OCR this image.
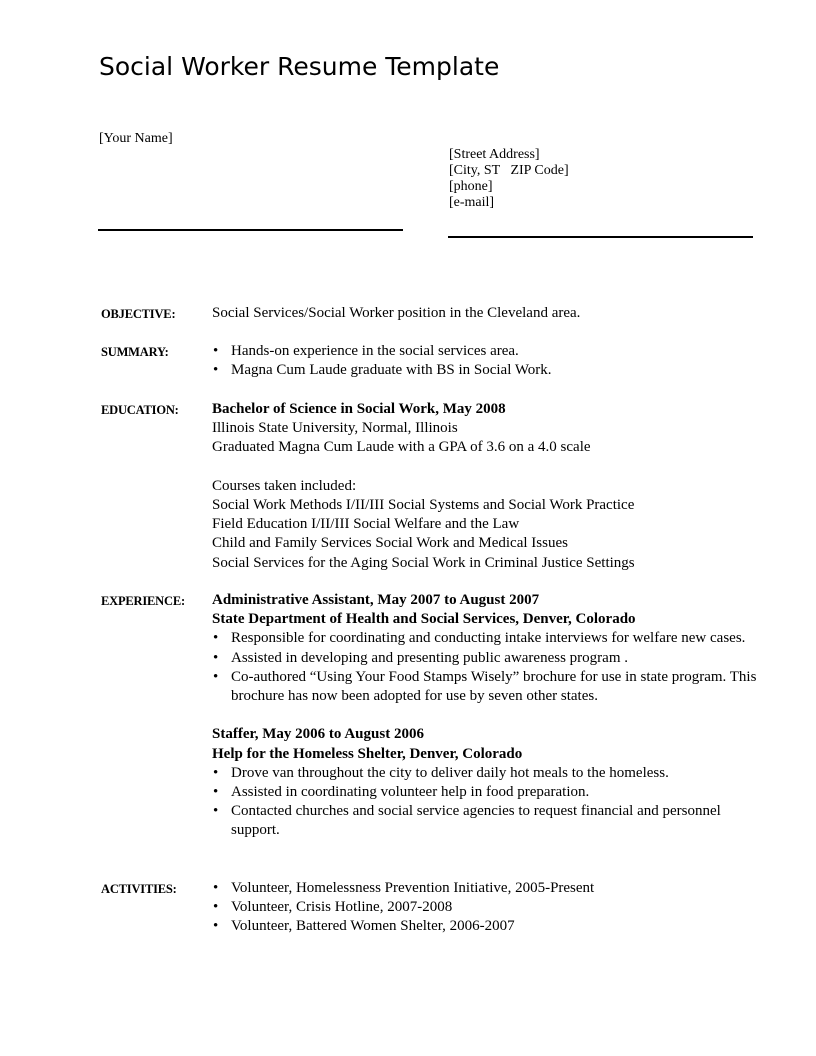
Social Worker Resume Template
[Your Name]
[Street Address]
[City, ST   ZIP Code]
[phone]
[e-mail]
OBJECTIVE: Social Services/Social Worker position in the Cleveland area.
SUMMARY:	• Hands-on experience in the social services area.
• Magna Cum Laude graduate with BS in Social Work.
EDUCATION: Bachelor of Science in Social Work, May 2008
Illinois State University, Normal, Illinois
Graduated Magna Cum Laude with a GPA of 3.6 on a 4.0 scale
Courses taken included:
Social Work Methods I/II/III Social Systems and Social Work Practice
Field Education I/II/III Social Welfare and the Law
Child and Family Services Social Work and Medical Issues
Social Services for the Aging Social Work in Criminal Justice Settings
EXPERIENCE: Administrative Assistant, May 2007 to August 2007
State Department of Health and Social Services, Denver, Colorado
• Responsible for coordinating and conducting intake interviews for welfare new cases.
• Assisted in developing and presenting public awareness program .
• Co-authored “Using Your Food Stamps Wisely” brochure for use in state program. This brochure has now been adopted for use by seven other states.
Staffer, May 2006 to August 2006
Help for the Homeless Shelter, Denver, Colorado
• Drove van throughout the city to deliver daily hot meals to the homeless.
• Assisted in coordinating volunteer help in food preparation.
• Contacted churches and social service agencies to request financial and personnel support.
ACTIVITIES:	• Volunteer, Homelessness Prevention Initiative, 2005-Present
• Volunteer, Crisis Hotline, 2007-2008
• Volunteer, Battered Women Shelter, 2006-2007
